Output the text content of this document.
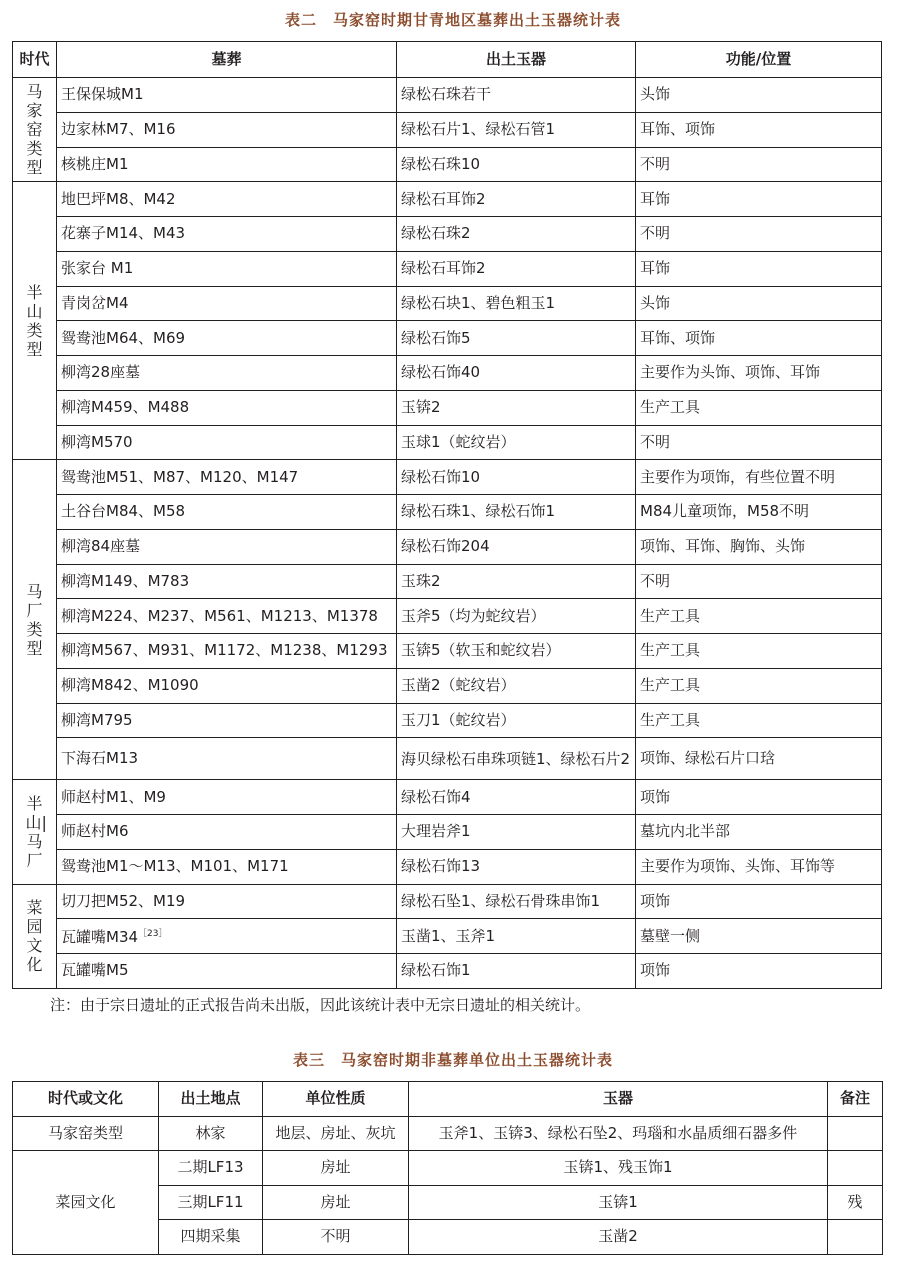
表二　马家窑时期甘青地区墓葬出土玉器统计表
时代	墓葬	出土玉器	功能/位置
马家窑类型	王保保城M1	绿松石珠若干	头饰
	边家林M7、M16	绿松石片1、绿松石管1	耳饰、项饰
	核桃庄M1	绿松石珠10	不明
半山类型	地巴坪M8、M42	绿松石耳饰2	耳饰
	花寨子M14、M43	绿松石珠2	不明
	张家台 M1	绿松石耳饰2	耳饰
	青岗岔M4	绿松石块1、碧色粗玉1	头饰
	鸳鸯池M64、M69	绿松石饰5	耳饰、项饰
	柳湾28座墓	绿松石饰40	主要作为头饰、项饰、耳饰
	柳湾M459、M488	玉锛2	生产工具
	柳湾M570	玉球1（蛇纹岩）	不明
马厂类型	鸳鸯池M51、M87、M120、M147	绿松石饰10	主要作为项饰，有些位置不明
	土谷台M84、M58	绿松石珠1、绿松石饰1	M84儿童项饰，M58不明
	柳湾84座墓	绿松石饰204	项饰、耳饰、胸饰、头饰
	柳湾M149、M783	玉珠2	不明
	柳湾M224、M237、M561、M1213、M1378	玉斧5（均为蛇纹岩）	生产工具
	柳湾M567、M931、M1172、M1238、M1293	玉锛5（软玉和蛇纹岩）	生产工具
	柳湾M842、M1090	玉凿2（蛇纹岩）	生产工具
	柳湾M795	玉刀1（蛇纹岩）	生产工具
	下海石M13	海贝绿松石串珠项链1、绿松石片2	项饰、绿松石片口琀
半山|马厂	师赵村M1、M9	绿松石饰4	项饰
	师赵村M6	大理岩斧1	墓坑内北半部
	鸳鸯池M1～M13、M101、M171	绿松石饰13	主要作为项饰、头饰、耳饰等
菜园文化	切刀把M52、M19	绿松石坠1、绿松石骨珠串饰1	项饰
	瓦罐嘴$M34^{[23]}$	玉凿1、玉斧1	墓壁一侧
	瓦罐嘴M5	绿松石饰1	项饰
注：由于宗日遗址的正式报告尚未出版，因此该统计表中无宗日遗址的相关统计。
表三　马家窑时期非墓葬单位出土玉器统计表
时代或文化	出土地点	单位性质	玉器	备注
马家窑类型	林家	地层、房址、灰坑	玉斧1、玉锛3、绿松石坠2、玛瑙和水晶质细石器多件	
菜园文化	二期LF13	房址	玉锛1、残玉饰1	
	三期LF11	房址	玉锛1	残
	四期采集	不明	玉凿2	
